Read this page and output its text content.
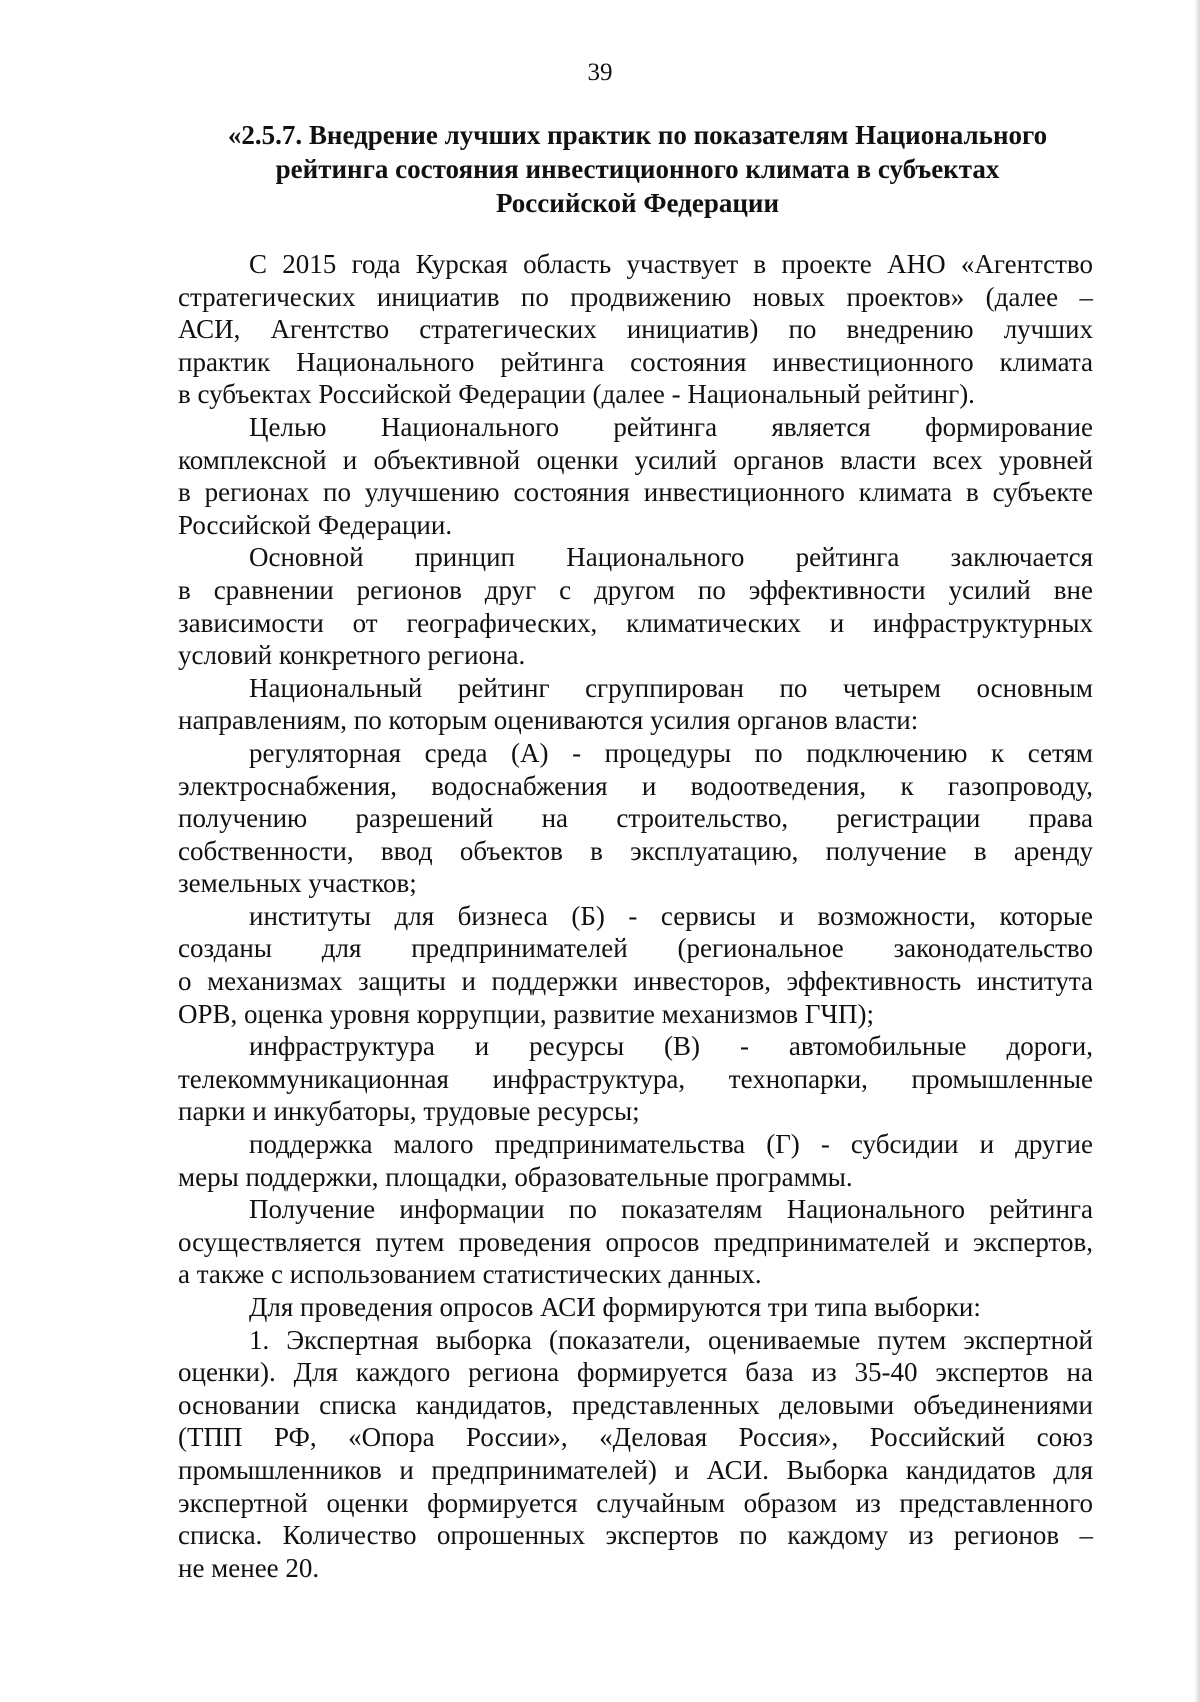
39
«2.5.7. Внедрение лучших практик по показателям Национального
рейтинга состояния инвестиционного климата в субъектах
Российской Федерации
С 2015 года Курская область участвует в проекте АНО «Агентство
стратегических инициатив по продвижению новых проектов» (далее –
АСИ, Агентство стратегических инициатив) по внедрению лучших
практик Национального рейтинга состояния инвестиционного климата
в субъектах Российской Федерации (далее - Национальный рейтинг).
Целью Национального рейтинга является формирование
комплексной и объективной оценки усилий органов власти всех уровней
в регионах по улучшению состояния инвестиционного климата в субъекте
Российской Федерации.
Основной принцип Национального рейтинга заключается
в сравнении регионов друг с другом по эффективности усилий вне
зависимости от географических, климатических и инфраструктурных
условий конкретного региона.
Национальный рейтинг сгруппирован по четырем основным
направлениям, по которым оцениваются усилия органов власти:
регуляторная среда (А) - процедуры по подключению к сетям
электроснабжения, водоснабжения и водоотведения, к газопроводу,
получению разрешений на строительство, регистрации права
собственности, ввод объектов в эксплуатацию, получение в аренду
земельных участков;
институты для бизнеса (Б) - сервисы и возможности, которые
созданы для предпринимателей (региональное законодательство
о механизмах защиты и поддержки инвесторов, эффективность института
ОРВ, оценка уровня коррупции, развитие механизмов ГЧП);
инфраструктура и ресурсы (В) - автомобильные дороги,
телекоммуникационная инфраструктура, технопарки, промышленные
парки и инкубаторы, трудовые ресурсы;
поддержка малого предпринимательства (Г) - субсидии и другие
меры поддержки, площадки, образовательные программы.
Получение информации по показателям Национального рейтинга
осуществляется путем проведения опросов предпринимателей и экспертов,
а также с использованием статистических данных.
Для проведения опросов АСИ формируются три типа выборки:
1. Экспертная выборка (показатели, оцениваемые путем экспертной
оценки). Для каждого региона формируется база из 35-40 экспертов на
основании списка кандидатов, представленных деловыми объединениями
(ТПП РФ, «Опора России», «Деловая Россия», Российский союз
промышленников и предпринимателей) и АСИ. Выборка кандидатов для
экспертной оценки формируется случайным образом из представленного
списка. Количество опрошенных экспертов по каждому из регионов –
не менее 20.
